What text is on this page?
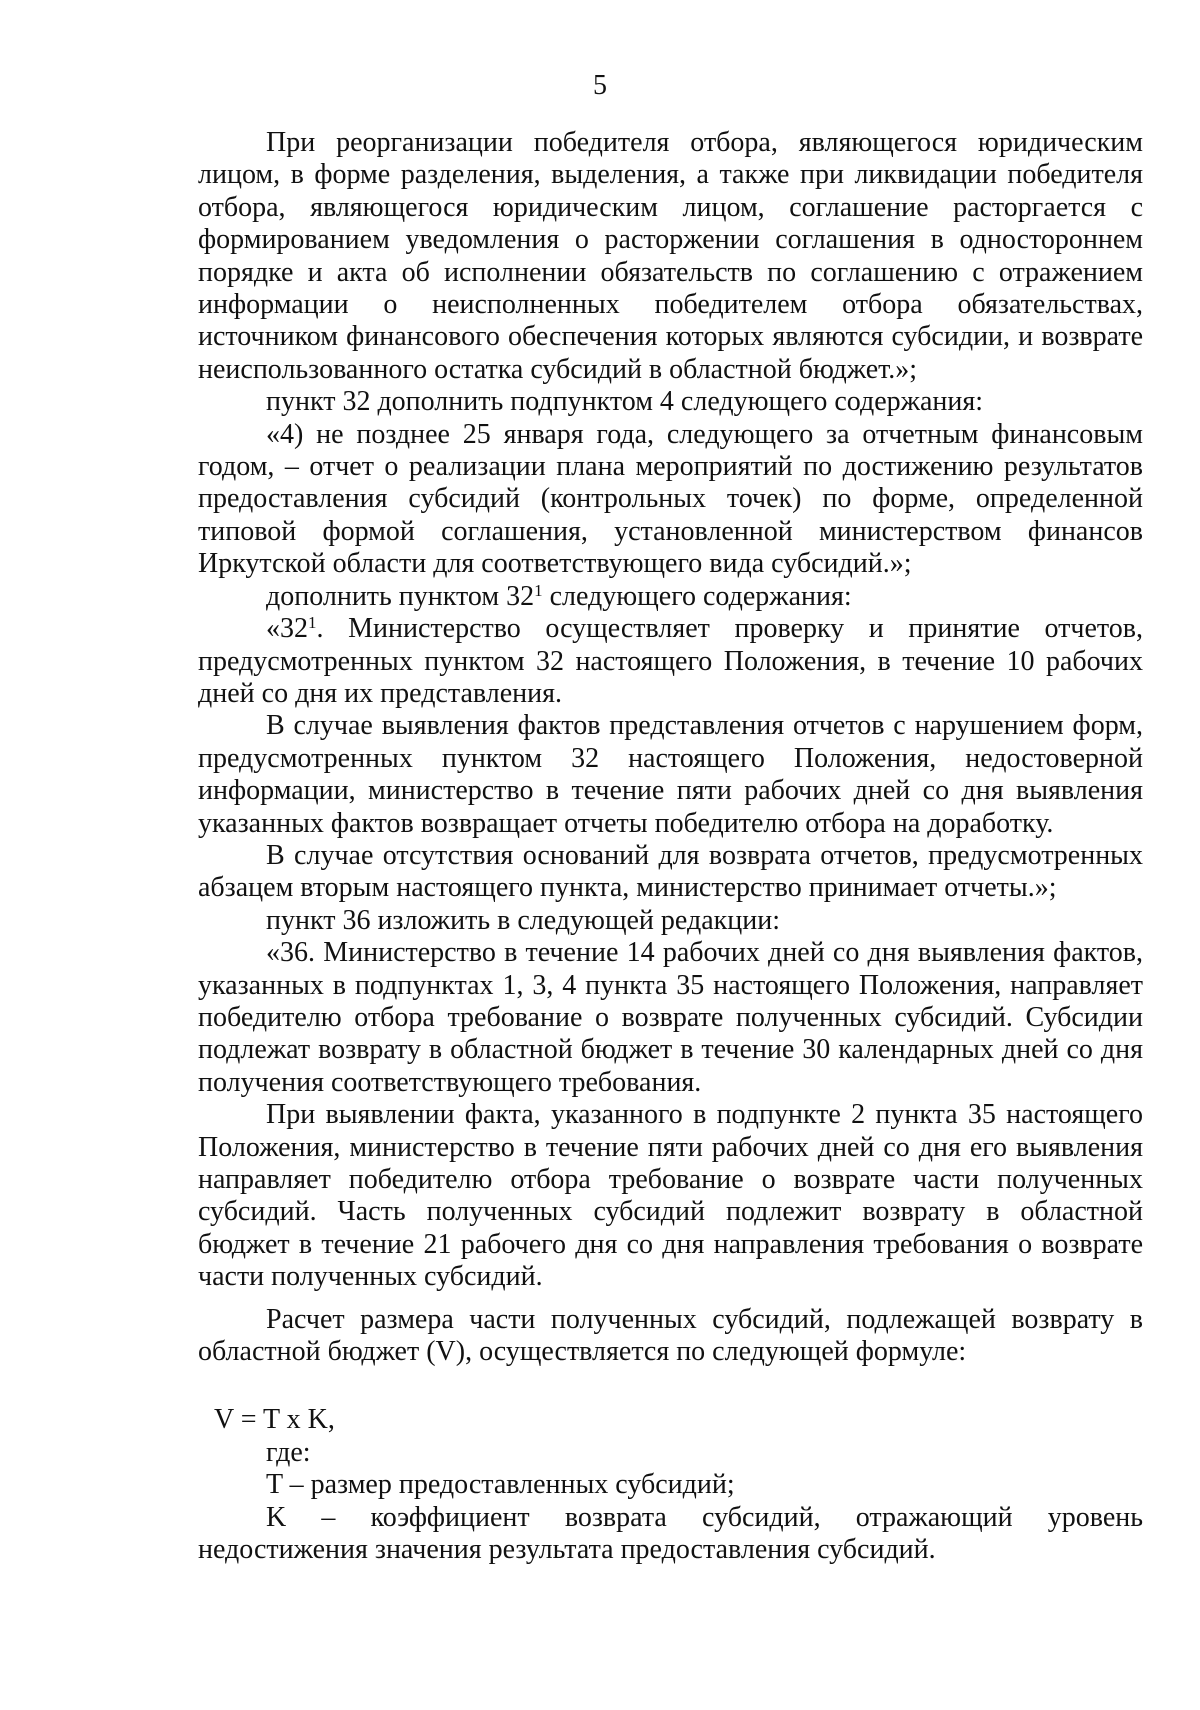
5

При реорганизации победителя отбора, являющегося юридическим лицом, в форме разделения, выделения, а также при ликвидации победителя отбора, являющегося юридическим лицом, соглашение расторгается с формированием уведомления о расторжении соглашения в одностороннем порядке и акта об исполнении обязательств по соглашению с отражением информации о неисполненных победителем отбора обязательствах, источником финансового обеспечения которых являются субсидии, и возврате неиспользованного остатка субсидий в областной бюджет.»;

пункт 32 дополнить подпунктом 4 следующего содержания:

«4) не позднее 25 января года, следующего за отчетным финансовым годом, – отчет о реализации плана мероприятий по достижению результатов предоставления субсидий (контрольных точек) по форме, определенной типовой формой соглашения, установленной министерством финансов Иркутской области для соответствующего вида субсидий.»;

дополнить пунктом $32^1$ следующего содержания:

«$32^1$. Министерство осуществляет проверку и принятие отчетов, предусмотренных пунктом 32 настоящего Положения, в течение 10 рабочих дней со дня их представления.

В случае выявления фактов представления отчетов с нарушением форм, предусмотренных пунктом 32 настоящего Положения, недостоверной информации, министерство в течение пяти рабочих дней со дня выявления указанных фактов возвращает отчеты победителю отбора на доработку.

В случае отсутствия оснований для возврата отчетов, предусмотренных абзацем вторым настоящего пункта, министерство принимает отчеты.»;

пункт 36 изложить в следующей редакции:

«36. Министерство в течение 14 рабочих дней со дня выявления фактов, указанных в подпунктах 1, 3, 4 пункта 35 настоящего Положения, направляет победителю отбора требование о возврате полученных субсидий. Субсидии подлежат возврату в областной бюджет в течение 30 календарных дней со дня получения соответствующего требования.

При выявлении факта, указанного в подпункте 2 пункта 35 настоящего Положения, министерство в течение пяти рабочих дней со дня его выявления направляет победителю отбора требование о возврате части полученных субсидий. Часть полученных субсидий подлежит возврату в областной бюджет в течение 21 рабочего дня со дня направления требования о возврате части полученных субсидий.

Расчет размера части полученных субсидий, подлежащей возврату в областной бюджет (V), осуществляется по следующей формуле:

V = T x K,

где:

T – размер предоставленных субсидий;

K – коэффициент возврата субсидий, отражающий уровень недостижения значения результата предоставления субсидий.
